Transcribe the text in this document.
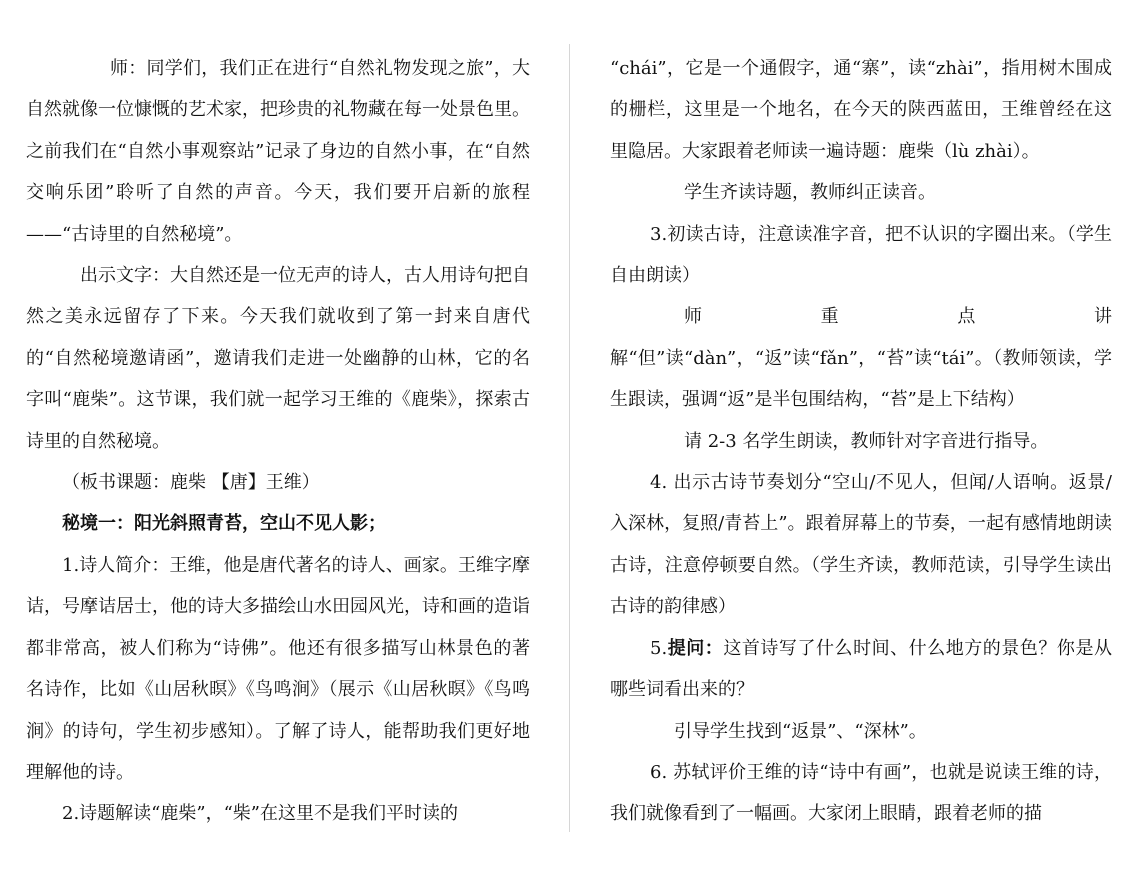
师：同学们，我们正在进行“自然礼物发现之旅”，大自然就像一位慷慨的艺术家，把珍贵的礼物藏在每一处景色里。之前我们在“自然小事观察站”记录了身边的自然小事，在“自然交响乐团”聆听了自然的声音。今天，我们要开启新的旅程——“古诗里的自然秘境”。

出示文字：大自然还是一位无声的诗人，古人用诗句把自然之美永远留存了下来。今天我们就收到了第一封来自唐代的“自然秘境邀请函”，邀请我们走进一处幽静的山林，它的名字叫“鹿柴”。这节课，我们就一起学习王维的《鹿柴》，探索古诗里的自然秘境。

（板书课题：鹿柴 【唐】王维）

秘境一：阳光斜照青苔，空山不见人影；

1.诗人简介：王维，他是唐代著名的诗人、画家。王维字摩诘，号摩诘居士，他的诗大多描绘山水田园风光，诗和画的造诣都非常高，被人们称为“诗佛”。他还有很多描写山林景色的著名诗作，比如《山居秋暝》《鸟鸣涧》（展示《山居秋暝》《鸟鸣涧》的诗句，学生初步感知）。了解了诗人，能帮助我们更好地理解他的诗。

2.诗题解读“鹿柴”，“柴”在这里不是我们平时读的

“chái”，它是一个通假字，通“寨”，读“zhài”，指用树木围成的栅栏，这里是一个地名，在今天的陕西蓝田，王维曾经在这里隐居。大家跟着老师读一遍诗题：鹿柴（lù zhài）。

学生齐读诗题，教师纠正读音。

3.初读古诗，注意读准字音，把不认识的字圈出来。（学生自由朗读）

师重点讲解“但”读“dàn”，“返”读“fǎn”，“苔”读“tái”。（教师领读，学生跟读，强调“返”是半包围结构，“苔”是上下结构）

请 2-3 名学生朗读，教师针对字音进行指导。

4. 出示古诗节奏划分“空山/不见人，但闻/人语响。返景/入深林，复照/青苔上”。跟着屏幕上的节奏，一起有感情地朗读古诗，注意停顿要自然。（学生齐读，教师范读，引导学生读出古诗的韵律感）

5.提问：这首诗写了什么时间、什么地方的景色？你是从哪些词看出来的？

引导学生找到“返景”、“深林”。

6. 苏轼评价王维的诗“诗中有画”，也就是说读王维的诗，我们就像看到了一幅画。大家闭上眼睛，跟着老师的描
